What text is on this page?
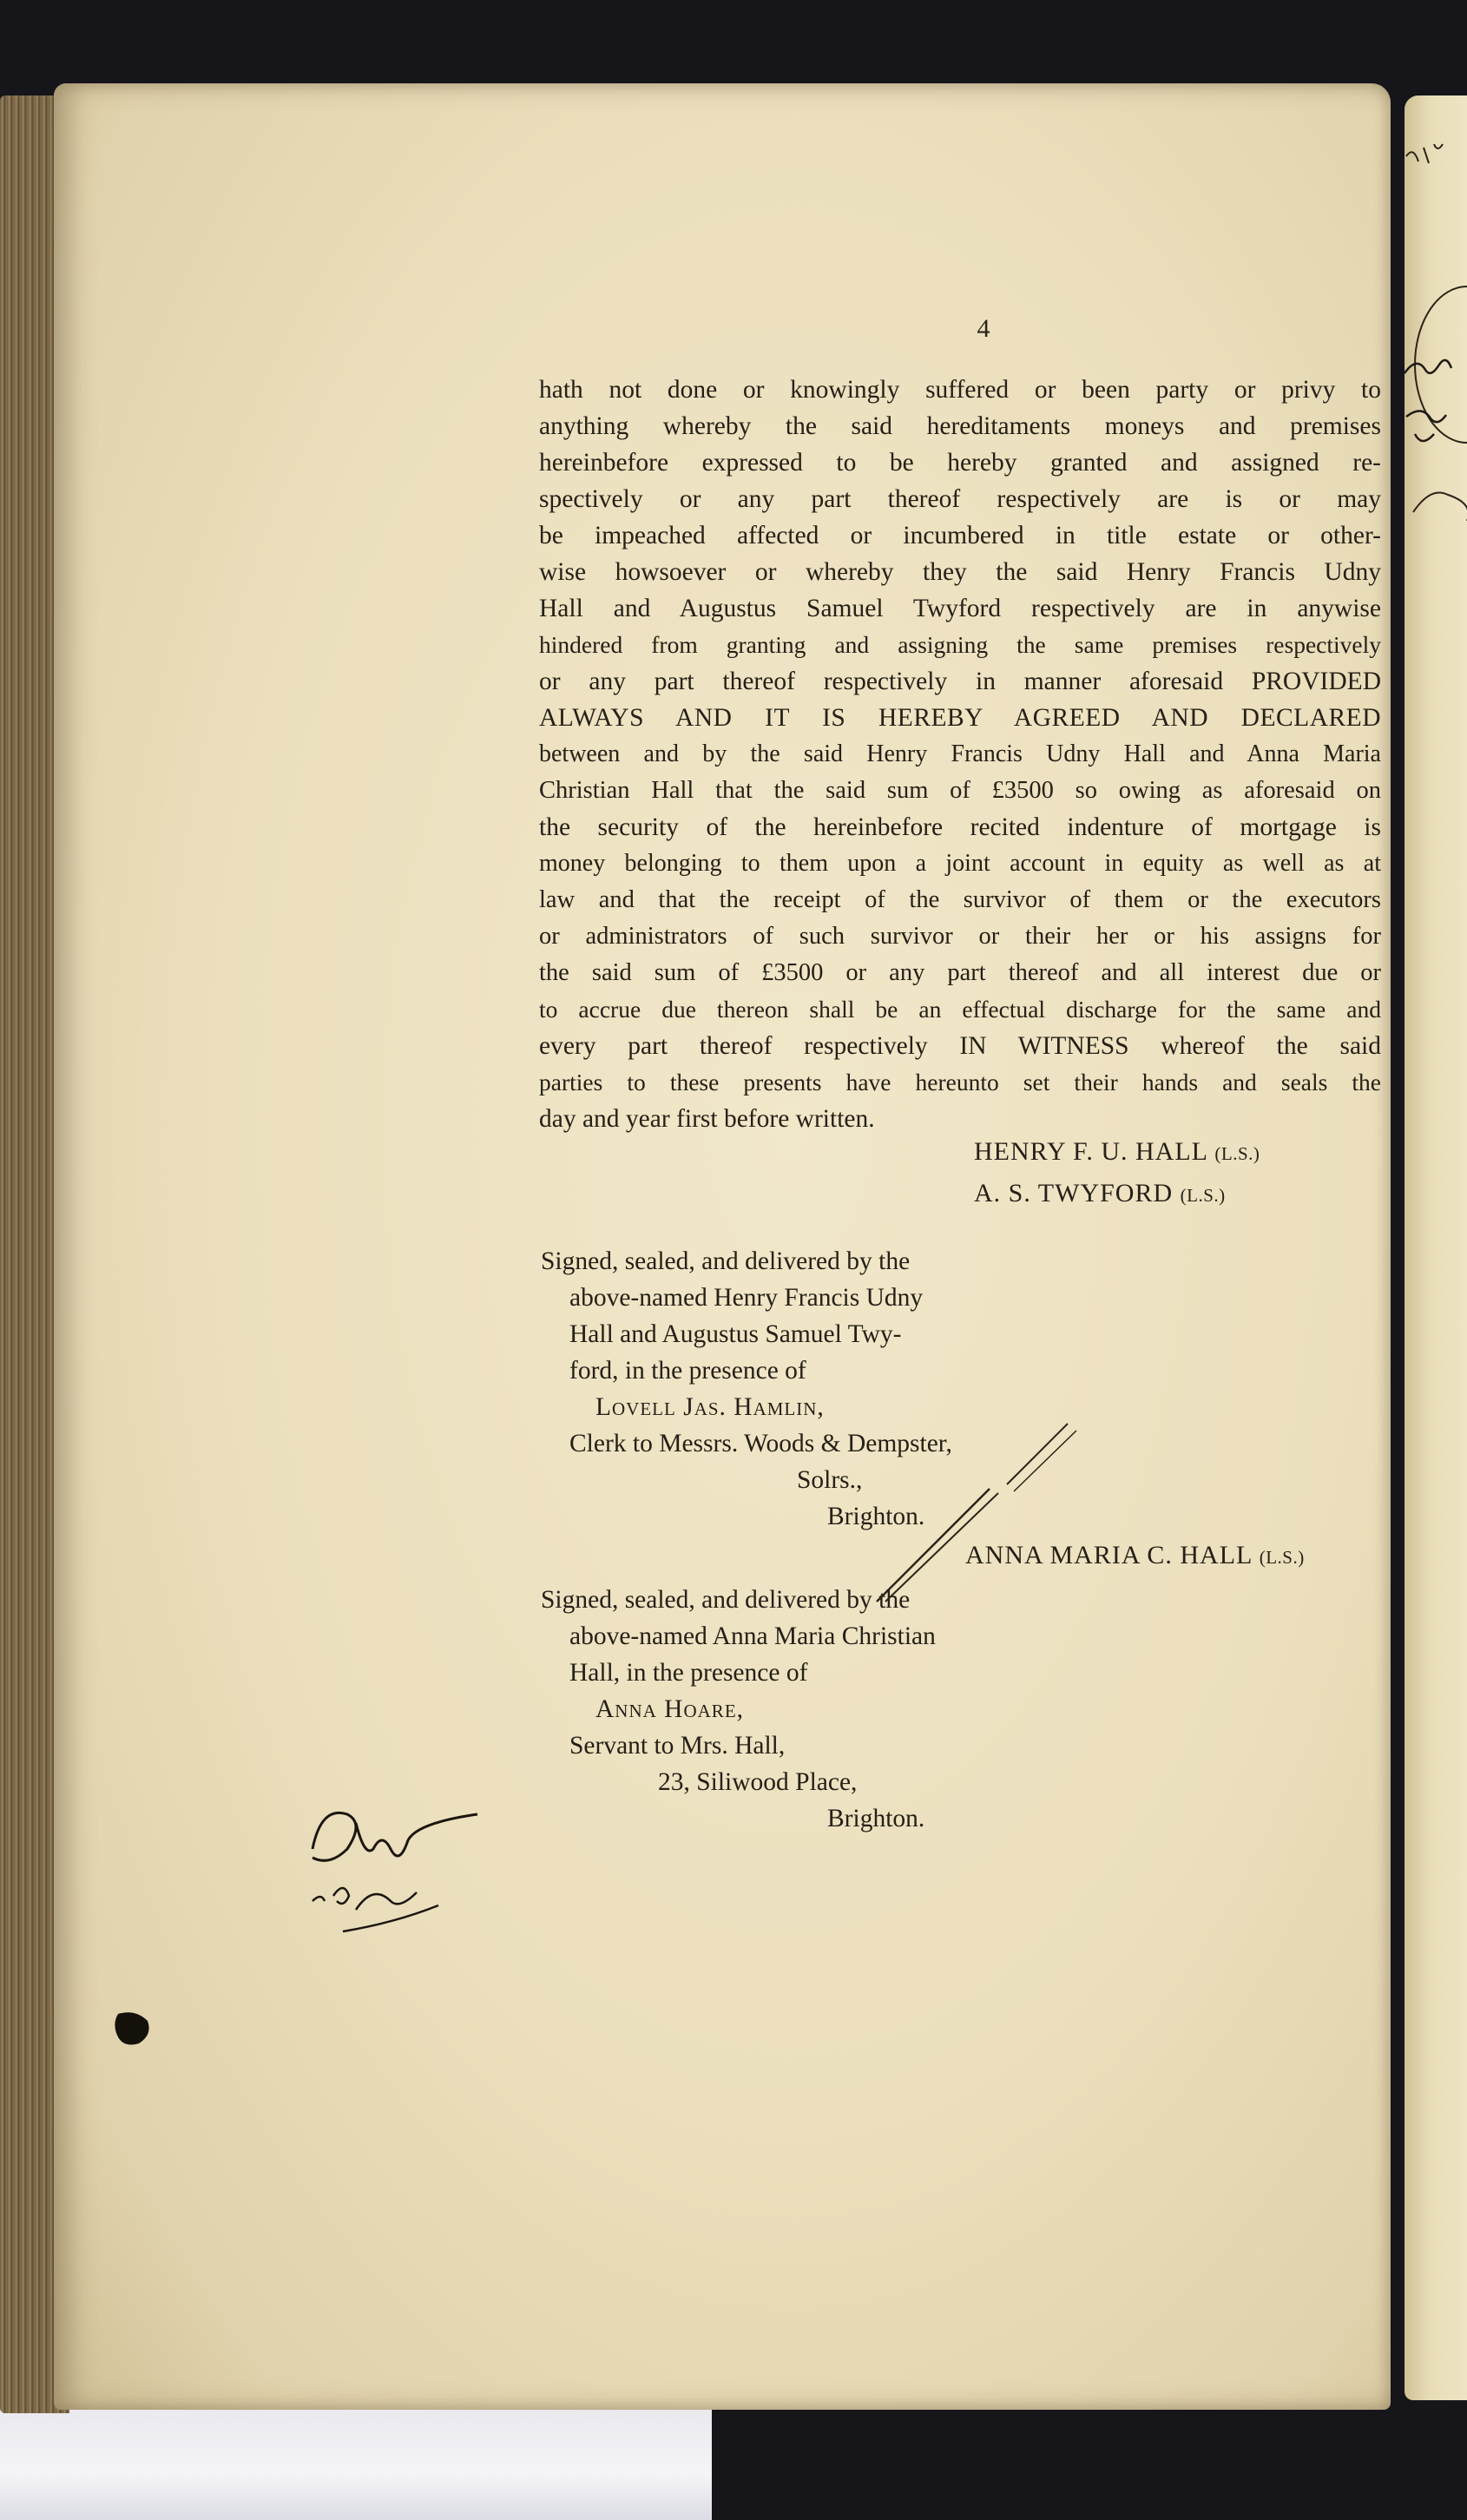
4
hath not done or knowingly suffered or been party or privy to
anything whereby the said hereditaments moneys and premises
hereinbefore expressed to be hereby granted and assigned re-
spectively or any part thereof respectively are is or may
be impeached affected or incumbered in title estate or other-
wise howsoever or whereby they the said Henry Francis Udny
Hall and Augustus Samuel Twyford respectively are in anywise
hindered from granting and assigning the same premises respectively
or any part thereof respectively in manner aforesaid PROVIDED
ALWAYS AND IT IS HEREBY AGREED AND DECLARED
between and by the said Henry Francis Udny Hall and Anna Maria
Christian Hall that the said sum of £3500 so owing as aforesaid on
the security of the hereinbefore recited indenture of mortgage is
money belonging to them upon a joint account in equity as well as at
law and that the receipt of the survivor of them or the executors
or administrators of such survivor or their her or his assigns for
the said sum of £3500 or any part thereof and all interest due or
to accrue due thereon shall be an effectual discharge for the same and
every part thereof respectively IN WITNESS whereof the said
parties to these presents have hereunto set their hands and seals the
day and year first before written.
HENRY F. U. HALL (L.S.)
A. S. TWYFORD (L.S.)
Signed, sealed, and delivered by the
above-named Henry Francis Udny
Hall and Augustus Samuel Twy-
ford, in the presence of
Lovell Jas. Hamlin,
Clerk to Messrs. Woods & Dempster,
Solrs.,
Brighton.
ANNA MARIA C. HALL (L.S.)
Signed, sealed, and delivered by the
above-named Anna Maria Christian
Hall, in the presence of
Anna Hoare,
Servant to Mrs. Hall,
23, Siliwood Place,
Brighton.
